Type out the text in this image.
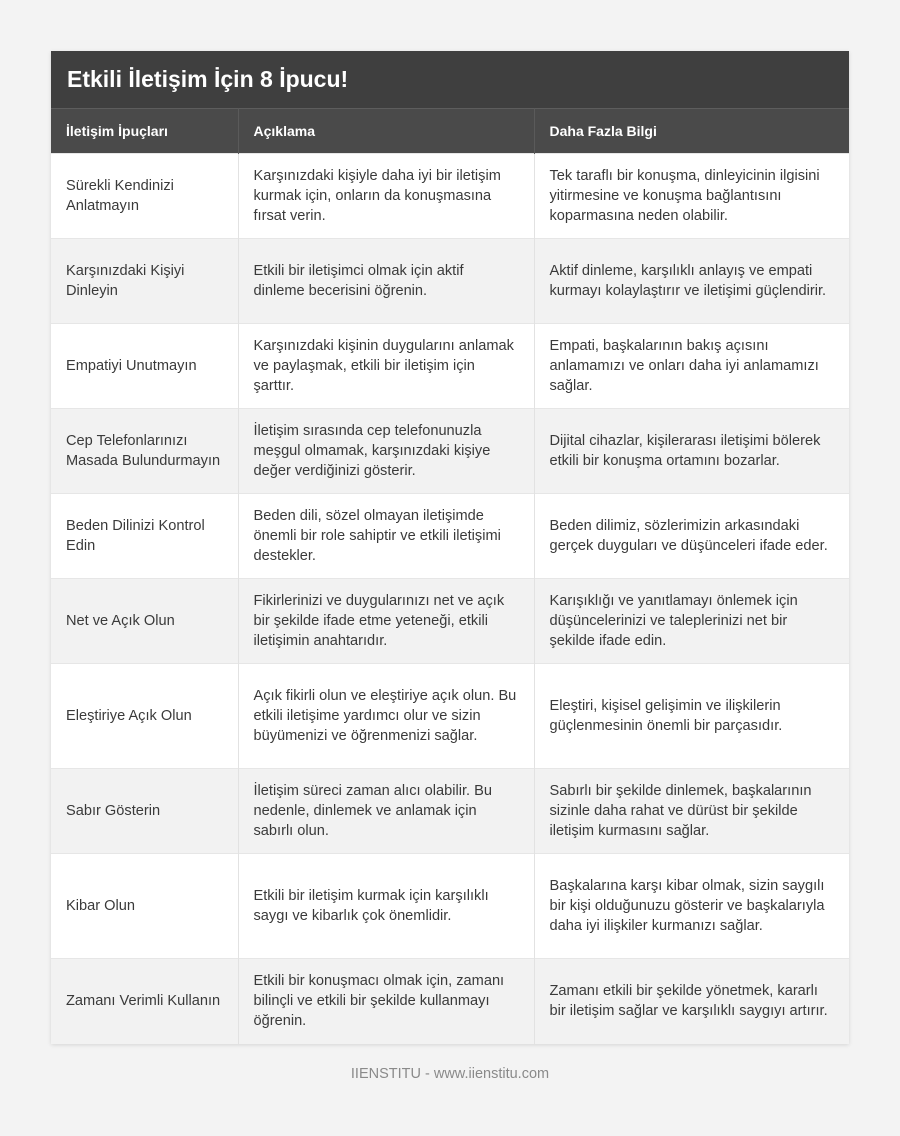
Etkili İletişim İçin 8 İpucu!
İletişim İpuçları	Açıklama	Daha Fazla Bilgi
Sürekli Kendinizi Anlatmayın	Karşınızdaki kişiyle daha iyi bir iletişim kurmak için, onların da konuşmasına fırsat verin.	Tek taraflı bir konuşma, dinleyicinin ilgisini yitirmesine ve konuşma bağlantısını koparmasına neden olabilir.
Karşınızdaki Kişiyi Dinleyin	Etkili bir iletişimci olmak için aktif dinleme becerisini öğrenin.	Aktif dinleme, karşılıklı anlayış ve empati kurmayı kolaylaştırır ve iletişimi güçlendirir.
Empatiyi Unutmayın	Karşınızdaki kişinin duygularını anlamak ve paylaşmak, etkili bir iletişim için şarttır.	Empati, başkalarının bakış açısını anlamamızı ve onları daha iyi anlamamızı sağlar.
Cep Telefonlarınızı Masada Bulundurmayın	İletişim sırasında cep telefonunuzla meşgul olmamak, karşınızdaki kişiye değer verdiğinizi gösterir.	Dijital cihazlar, kişilerarası iletişimi bölerek etkili bir konuşma ortamını bozarlar.
Beden Dilinizi Kontrol Edin	Beden dili, sözel olmayan iletişimde önemli bir role sahiptir ve etkili iletişimi destekler.	Beden dilimiz, sözlerimizin arkasındaki gerçek duyguları ve düşünceleri ifade eder.
Net ve Açık Olun	Fikirlerinizi ve duygularınızı net ve açık bir şekilde ifade etme yeteneği, etkili iletişimin anahtarıdır.	Karışıklığı ve yanıtlamayı önlemek için düşüncelerinizi ve taleplerinizi net bir şekilde ifade edin.
Eleştiriye Açık Olun	Açık fikirli olun ve eleştiriye açık olun. Bu etkili iletişime yardımcı olur ve sizin büyümenizi ve öğrenmenizi sağlar.	Eleştiri, kişisel gelişimin ve ilişkilerin güçlenmesinin önemli bir parçasıdır.
Sabır Gösterin	İletişim süreci zaman alıcı olabilir. Bu nedenle, dinlemek ve anlamak için sabırlı olun.	Sabırlı bir şekilde dinlemek, başkalarının sizinle daha rahat ve dürüst bir şekilde iletişim kurmasını sağlar.
Kibar Olun	Etkili bir iletişim kurmak için karşılıklı saygı ve kibarlık çok önemlidir.	Başkalarına karşı kibar olmak, sizin saygılı bir kişi olduğunuzu gösterir ve başkalarıyla daha iyi ilişkiler kurmanızı sağlar.
Zamanı Verimli Kullanın	Etkili bir konuşmacı olmak için, zamanı bilinçli ve etkili bir şekilde kullanmayı öğrenin.	Zamanı etkili bir şekilde yönetmek, kararlı bir iletişim sağlar ve karşılıklı saygıyı artırır.
IIENSTITU - www.iienstitu.com
